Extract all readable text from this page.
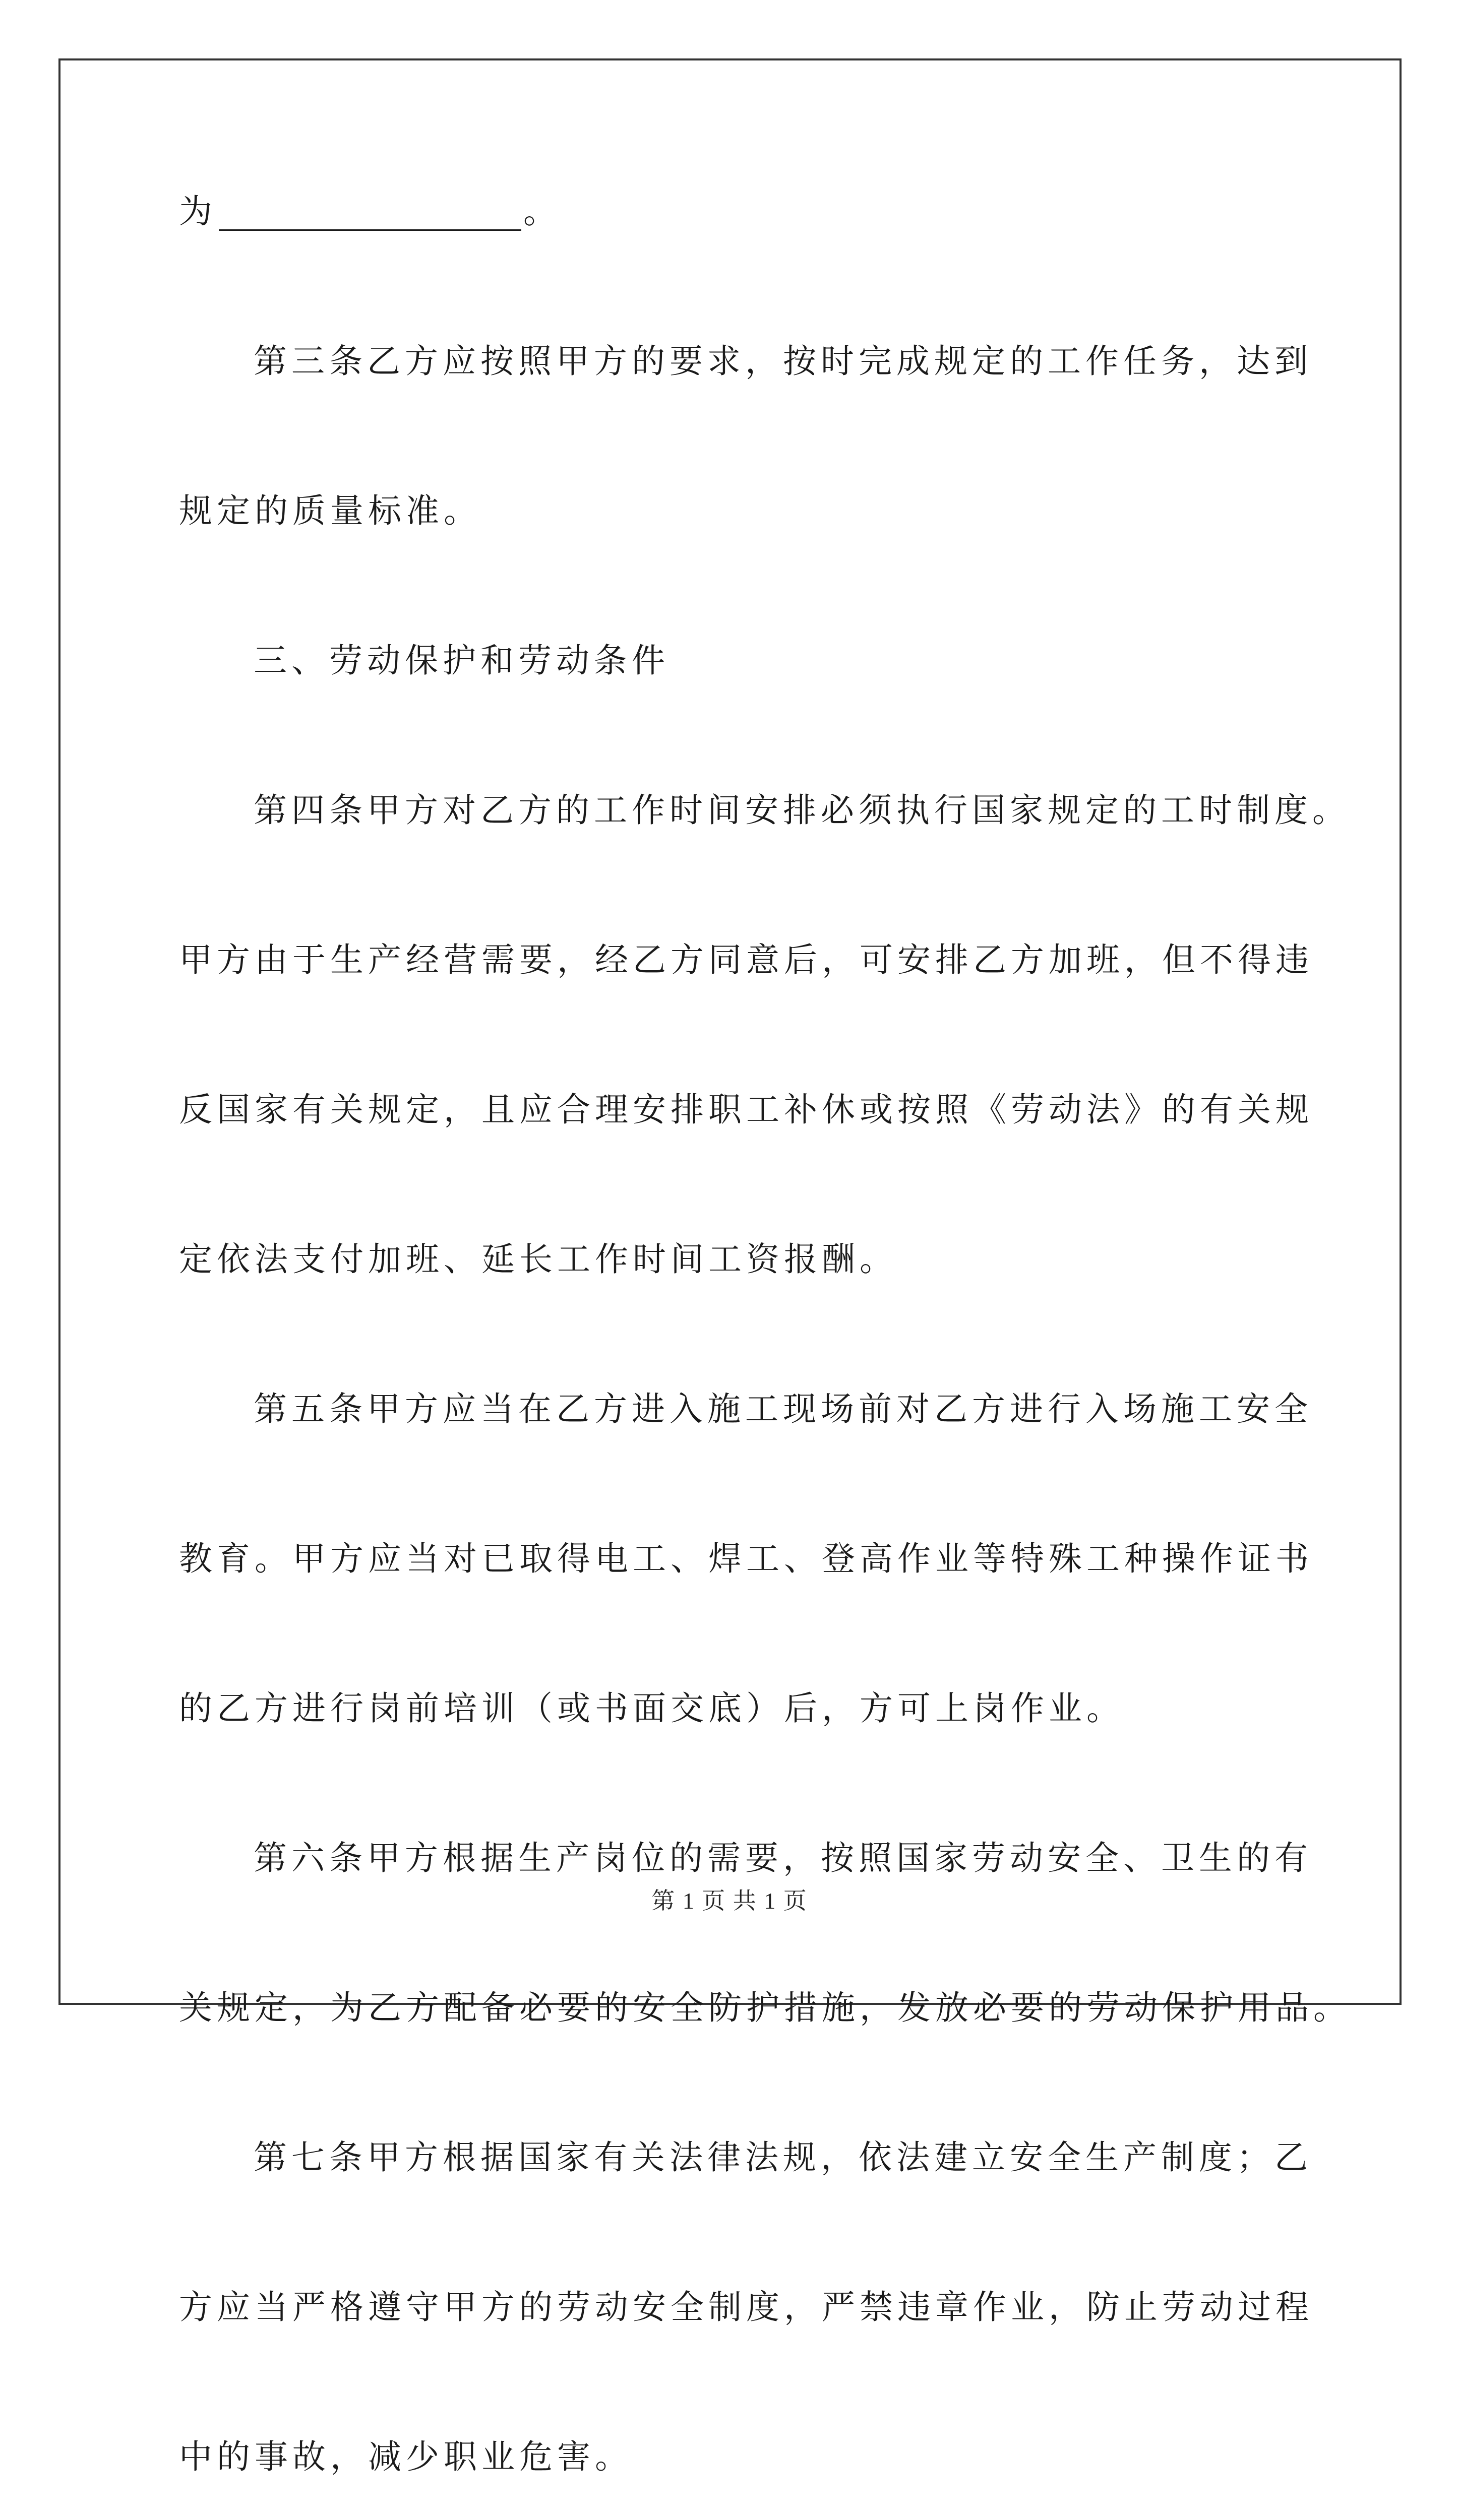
为	。
第三条乙方应按照甲方的要求，按时完成规定的工作任务，达到
规定的质量标准。
三、劳动保护和劳动条件
第四条甲方对乙方的工作时间安排必须执行国家规定的工时制度。
甲方由于生产经营需要，经乙方同意后，可安排乙方加班，但不得违
反国家有关规定，且应合理安排职工补休或按照《劳动法》的有关规
定依法支付加班、延长工作时间工资报酬。
第五条甲方应当在乙方进入施工现场前对乙方进行入场施工安全
教育。甲方应当对已取得电工、焊工、登高作业等特殊工种操作证书
的乙方进行岗前培训（或书面交底）后，方可上岗作业。
第六条甲方根据生产岗位的需要，按照国家劳动安全、卫生的有
关规定，为乙方配备必要的安全防护措施，发放必要的劳动保护用品。
第七条甲方根据国家有关法律法规，依法建立安全生产制度；乙
方应当严格遵守甲方的劳动安全制度，严禁违章作业，防止劳动过程
中的事故，减少职业危害。
第 1 页 共 1 页
